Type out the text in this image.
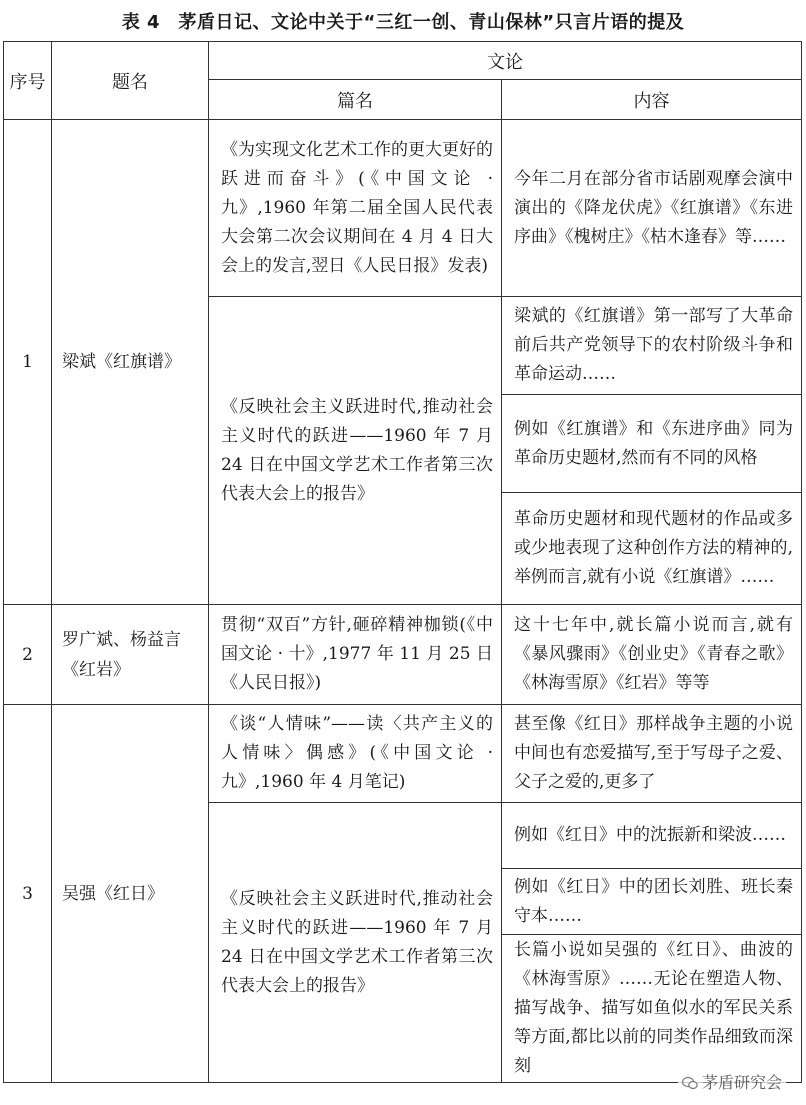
表 4　茅盾日记、文论中关于“三红一创、青山保林”只言片语的提及
序号	题名	文论	
		篇名	内容
1	梁斌《红旗谱》	《为实现文化艺术工作的更大更好的跃进而奋斗》(《中国文论 · 九》,1960 年第二届全国人民代表大会第二次会议期间在 4 月 4 日大会上的发言,翌日《人民日报》发表)	今年二月在部分省市话剧观摩会演中演出的《降龙伏虎》《红旗谱》《东进序曲》《槐树庄》《枯木逢春》等……
		《反映社会主义跃进时代,推动社会主义时代的跃进——1960 年 7 月 24 日在中国文学艺术工作者第三次代表大会上的报告》	梁斌的《红旗谱》第一部写了大革命前后共产党领导下的农村阶级斗争和革命运动……
			例如《红旗谱》和《东进序曲》同为革命历史题材,然而有不同的风格
			革命历史题材和现代题材的作品或多或少地表现了这种创作方法的精神的,举例而言,就有小说《红旗谱》……
2	罗广斌、杨益言《红岩》	贯彻“双百”方针,砸碎精神枷锁(《中国文论 · 十》,1977 年 11 月 25 日《人民日报》)	这十七年中,就长篇小说而言,就有《暴风骤雨》《创业史》《青春之歌》《林海雪原》《红岩》等等
3	吴强《红日》	《谈“人情味”——读〈共产主义的人情味〉偶感》(《中国文论 · 九》,1960 年 4 月笔记)	甚至像《红日》那样战争主题的小说中间也有恋爱描写,至于写母子之爱、父子之爱的,更多了
		《反映社会主义跃进时代,推动社会主义时代的跃进——1960 年 7 月 24 日在中国文学艺术工作者第三次代表大会上的报告》	例如《红日》中的沈振新和梁波……
			例如《红日》中的团长刘胜、班长秦守本……
			长篇小说如吴强的《红日》、曲波的《林海雪原》……无论在塑造人物、描写战争、描写如鱼似水的军民关系等方面,都比以前的同类作品细致而深刻
茅盾研究会
